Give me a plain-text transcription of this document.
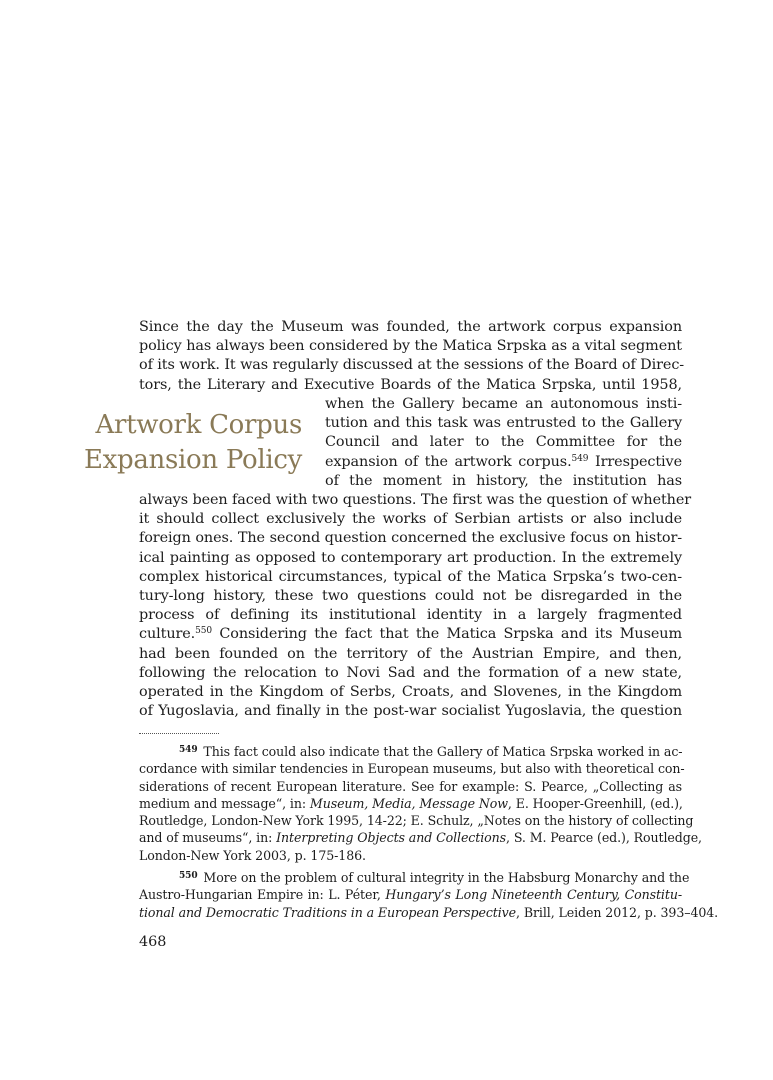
Since the day the Museum was founded, the artwork corpus expansion
policy has always been considered by the Matica Srpska as a vital segment
of its work. It was regularly discussed at the sessions of the Board of Direc-
tors, the Literary and Executive Boards of the Matica Srpska, until 1958,
Artwork Corpus
Expansion Policy
when the Gallery became an autonomous insti-
tution and this task was entrusted to the Gallery
Council and later to the Committee for the
expansion of the artwork corpus.$^{549}$ Irrespective
of the moment in history, the institution has
always been faced with two questions. The first was the question of whether
it should collect exclusively the works of Serbian artists or also include
foreign ones. The second question concerned the exclusive focus on histor-
ical painting as opposed to contemporary art production. In the extremely
complex historical circumstances, typical of the Matica Srpska’s two-cen-
tury-long history, these two questions could not be disregarded in the
process of defining its institutional identity in a largely fragmented
culture.$^{550}$ Considering the fact that the Matica Srpska and its Museum
had been founded on the territory of the Austrian Empire, and then,
following the relocation to Novi Sad and the formation of a new state,
operated in the Kingdom of Serbs, Croats, and Slovenes, in the Kingdom
of Yugoslavia, and finally in the post-war socialist Yugoslavia, the question
$^{549}$ This fact could also indicate that the Gallery of Matica Srpska worked in ac-
cordance with similar tendencies in European museums, but also with theoretical con-
siderations of recent European literature. See for example: S. Pearce, „Collecting as
medium and message“, in: Museum, Media, Message Now, E. Hooper-Greenhill, (ed.),
Routledge, London-New York 1995, 14-22; E. Schulz, „Notes on the history of collecting
and of museums“, in: Interpreting Objects and Collections, S. M. Pearce (ed.), Routledge,
London-New York 2003, p. 175-186.
$^{550}$ More on the problem of cultural integrity in the Habsburg Monarchy and the
Austro-Hungarian Empire in: L. Péter, Hungary’s Long Nineteenth Century, Constitu-
tional and Democratic Traditions in a European Perspective, Brill, Leiden 2012, p. 393–404.
468
